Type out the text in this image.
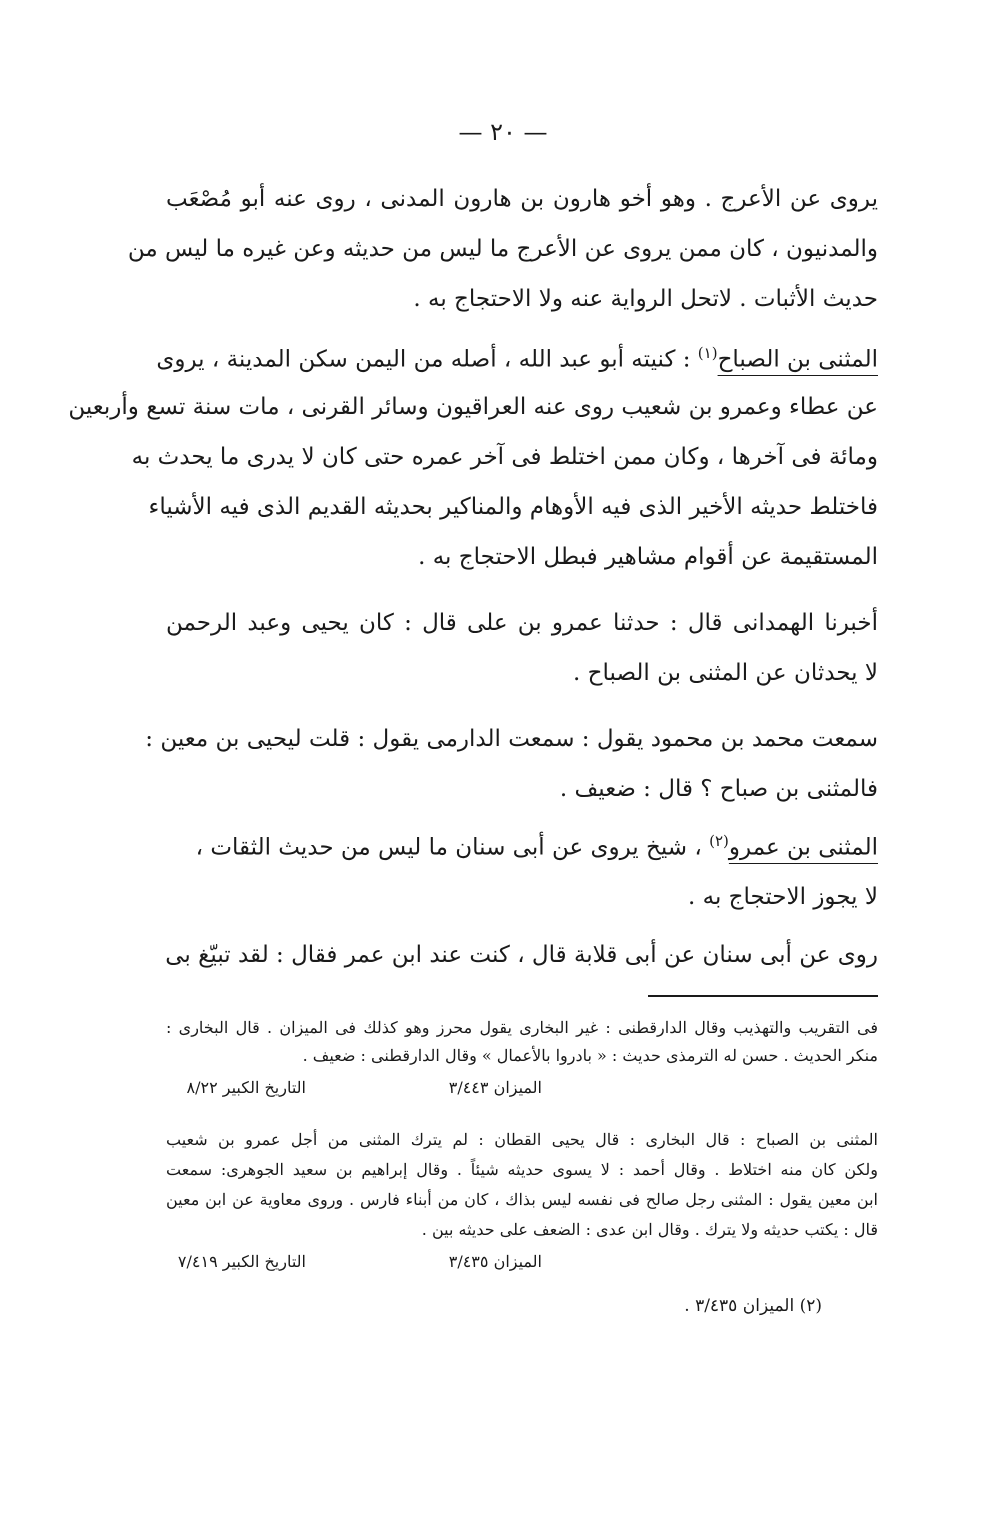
— ٢٠ —
يروى عن الأعرج . وهو أخو هارون بن هارون المدنى ، روى عنه أبو مُصْعَب
والمدنيون ، كان ممن يروى عن الأعرج ما ليس من حديثه وعن غيره ما ليس من
حديث الأثبات . لاتحل الرواية عنه ولا الاحتجاج به .
المثنى بن الصباح$^{(١)}$ : كنيته أبو عبد الله ، أصله من اليمن سكن المدينة ، يروى
عن عطاء وعمرو بن شعيب روى عنه العراقيون وسائر القرنى ، مات سنة تسع وأربعين
ومائة فى آخرها ، وكان ممن اختلط فى آخر عمره حتى كان لا يدرى ما يحدث به
فاختلط حديثه الأخير الذى فيه الأوهام والمناكير بحديثه القديم الذى فيه الأشياء
المستقيمة عن أقوام مشاهير فبطل الاحتجاج به .
أخبرنا الهمدانى قال : حدثنا عمرو بن على قال : كان يحيى وعبد الرحمن
لا يحدثان عن المثنى بن الصباح .
سمعت محمد بن محمود يقول : سمعت الدارمى يقول : قلت ليحيى بن معين :
فالمثنى بن صباح ؟ قال : ضعيف .
المثنى بن عمرو$^{(٢)}$ ، شيخ يروى عن أبى سنان ما ليس من حديث الثقات ،
لا يجوز الاحتجاج به .
روى عن أبى سنان عن أبى قلابة قال ، كنت عند ابن عمر فقال : لقد تبيّغ بى
فى التقريب والتهذيب وقال الدارقطنى : غير البخارى يقول محرز وهو كذلك فى الميزان . قال البخارى :
منكر الحديث . حسن له الترمذى حديث : « بادروا بالأعمال » وقال الدارقطنى : ضعيف .
الميزان ٣/٤٤٣
التاريخ الكبير ٨/٢٢
المثنى بن الصباح : قال البخارى : قال يحيى القطان : لم يترك المثنى من أجل عمرو بن شعيب
ولكن كان منه اختلاط . وقال أحمد : لا يسوى حديثه شيئاً . وقال إبراهيم بن سعيد الجوهرى: سمعت
ابن معين يقول : المثنى رجل صالح فى نفسه ليس بذاك ، كان من أبناء فارس . وروى معاوية عن ابن معين
قال : يكتب حديثه ولا يترك . وقال ابن عدى : الضعف على حديثه بين .
الميزان ٣/٤٣٥
التاريخ الكبير ٧/٤١٩
(٢) الميزان ٣/٤٣٥ .
